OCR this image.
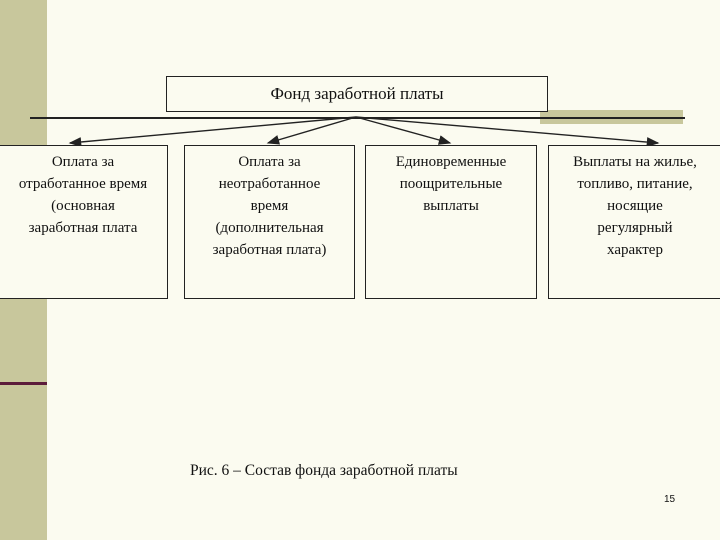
Фонд заработной платы
Оплата за
отработанное время
(основная
заработная плата
Оплата за
неотработанное
время
(дополнительная
заработная плата)
Единовременные
поощрительные
выплаты
Выплаты на жилье,
топливо, питание,
носящие
регулярный
характер
Рис. 6 – Состав фонда заработной платы
15
